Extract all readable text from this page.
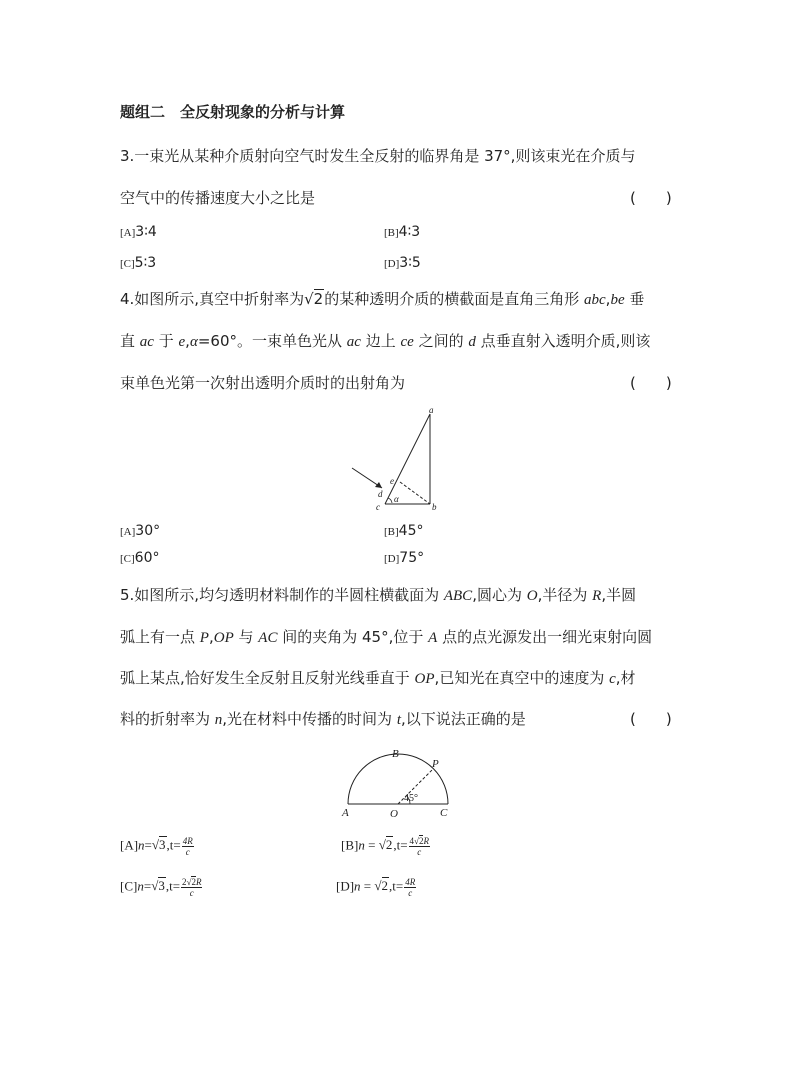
题组二　全反射现象的分析与计算
3.一束光从某种介质射向空气时发生全反射的临界角是 37°,则该束光在介质与
空气中的传播速度大小之比是	(　　)
[A]3∶4	[B]4∶3
[C]5∶3	[D]3∶5
4.如图所示,真空中折射率为√2的某种透明介质的横截面是直角三角形 abc,be 垂
直 ac 于 e,α=60°。一束单色光从 ac 边上 ce 之间的 d 点垂直射入透明介质,则该
束单色光第一次射出透明介质时的出射角为	(　　)
a
b
c
d
e
α
[A]30°	[B]45°
[C]60°	[D]75°
5.如图所示,均匀透明材料制作的半圆柱横截面为 ABC,圆心为 O,半径为 R,半圆
弧上有一点 P,OP 与 AC 间的夹角为 45°,位于 A 点的点光源发出一细光束射向圆
弧上某点,恰好发生全反射且反射光线垂直于 OP,已知光在真空中的速度为 c,材
料的折射率为 n,光在材料中传播的时间为 t,以下说法正确的是	(　　)
B
P
A	O	C
45°
$[A]n=√3,t= \frac{4R}{c}$	$[B]n = √2,t= \frac{4√2R}{c}$
$[C]n=√3,t= \frac{2√2R}{c}$	$[D]n = √2,t= \frac{4R}{c}$
